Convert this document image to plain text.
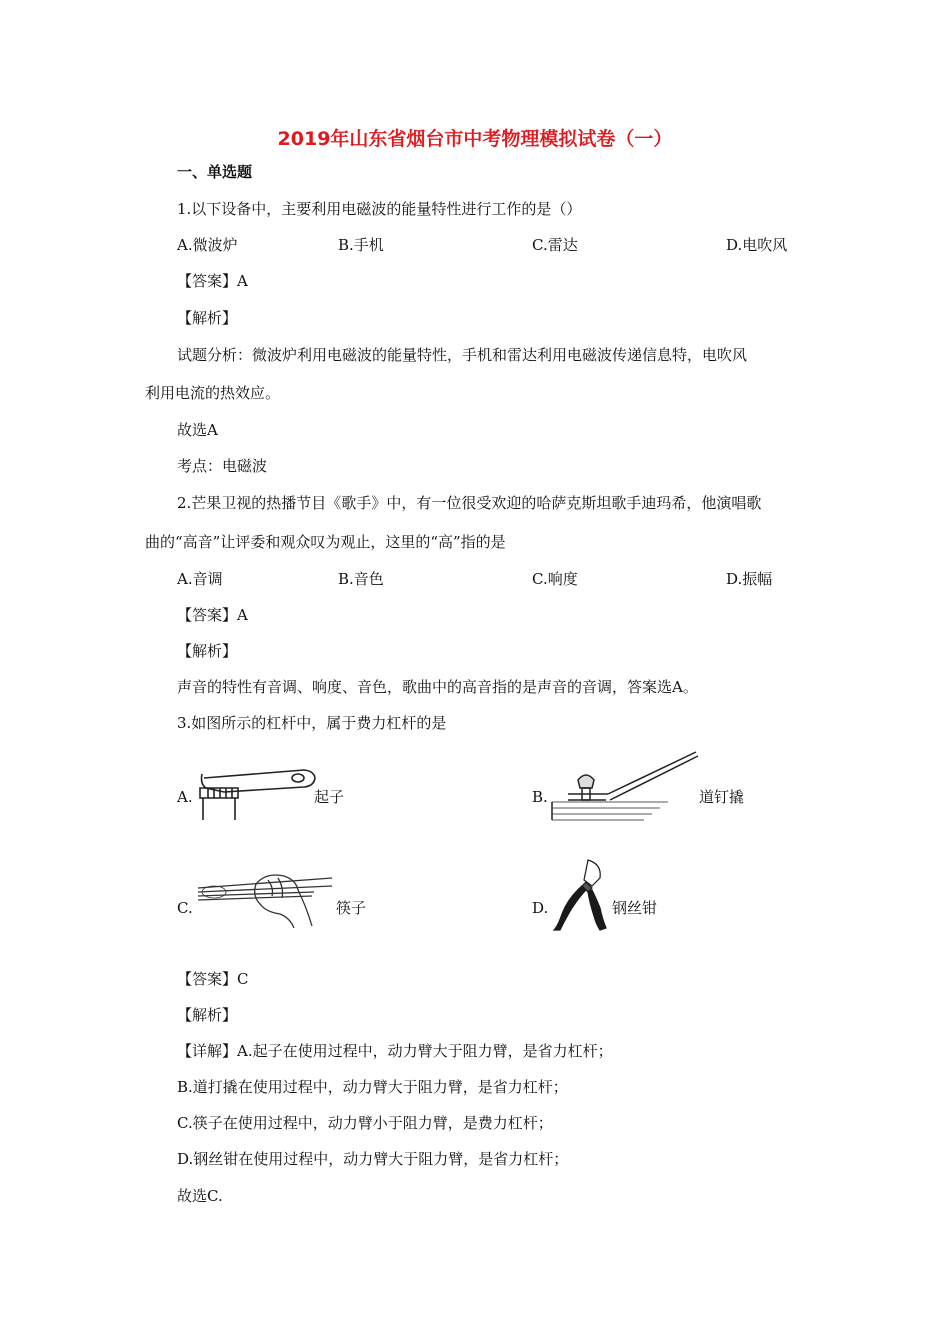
2019年山东省烟台市中考物理模拟试卷（一）
一、单选题
1.以下设备中，主要利用电磁波的能量特性进行工作的是（）
A.微波炉	B.手机	C.雷达	D.电吹风
【答案】A
【解析】
试题分析：微波炉利用电磁波的能量特性，手机和雷达利用电磁波传递信息特，电吹风
利用电流的热效应。
故选A
考点：电磁波
2.芒果卫视的热播节目《歌手》中，有一位很受欢迎的哈萨克斯坦歌手迪玛希，他演唱歌
曲的“高音”让评委和观众叹为观止，这里的“高”指的是
A.音调	B.音色	C.响度	D.振幅
【答案】A
【解析】
声音的特性有音调、响度、音色，歌曲中的高音指的是声音的音调，答案选A。
3.如图所示的杠杆中，属于费力杠杆的是
A.	起子	B.	道钉撬
C.	筷子	D.	钢丝钳
【答案】C
【解析】
【详解】A.起子在使用过程中，动力臂大于阻力臂，是省力杠杆；
B.道打撬在使用过程中，动力臂大于阻力臂，是省力杠杆；
C.筷子在使用过程中，动力臂小于阻力臂，是费力杠杆；
D.钢丝钳在使用过程中，动力臂大于阻力臂，是省力杠杆；
故选C.
